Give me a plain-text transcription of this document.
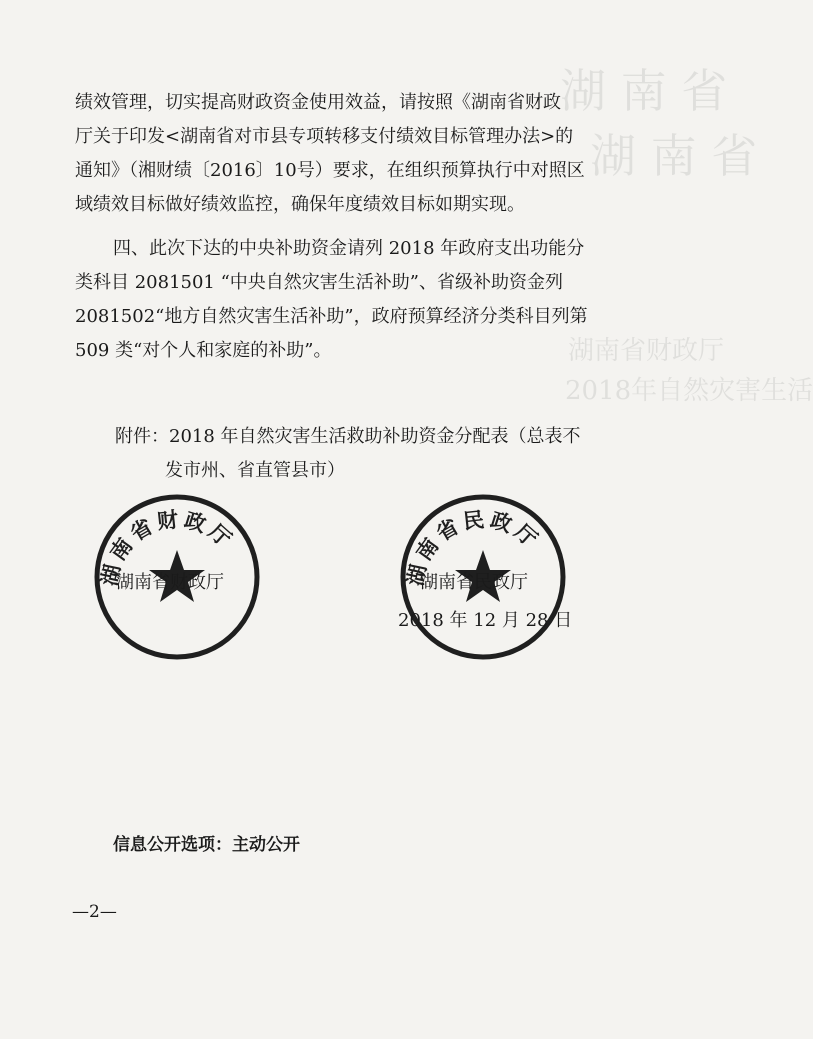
湖 南 省
湖 南 省
湖南省财政厅
2018年自然灾害生活
绩效管理，切实提高财政资金使用效益，请按照《湖南省财政
厅关于印发<湖南省对市县专项转移支付绩效目标管理办法>的
通知》（湘财绩〔2016〕10号）要求，在组织预算执行中对照区
域绩效目标做好绩效监控，确保年度绩效目标如期实现。
四、此次下达的中央补助资金请列 2018 年政府支出功能分
类科目 2081501 “中央自然灾害生活补助”、省级补助资金列
2081502“地方自然灾害生活补助”，政府预算经济分类科目列第
509 类“对个人和家庭的补助”。
附件：2018 年自然灾害生活救助补助资金分配表（总表不
发市州、省直管县市）
湖南省财政厅
湖南省民政厅
湖南省财政厅	湖南省民政厅
2018 年 12 月 28 日
信息公开选项：主动公开
—2—
